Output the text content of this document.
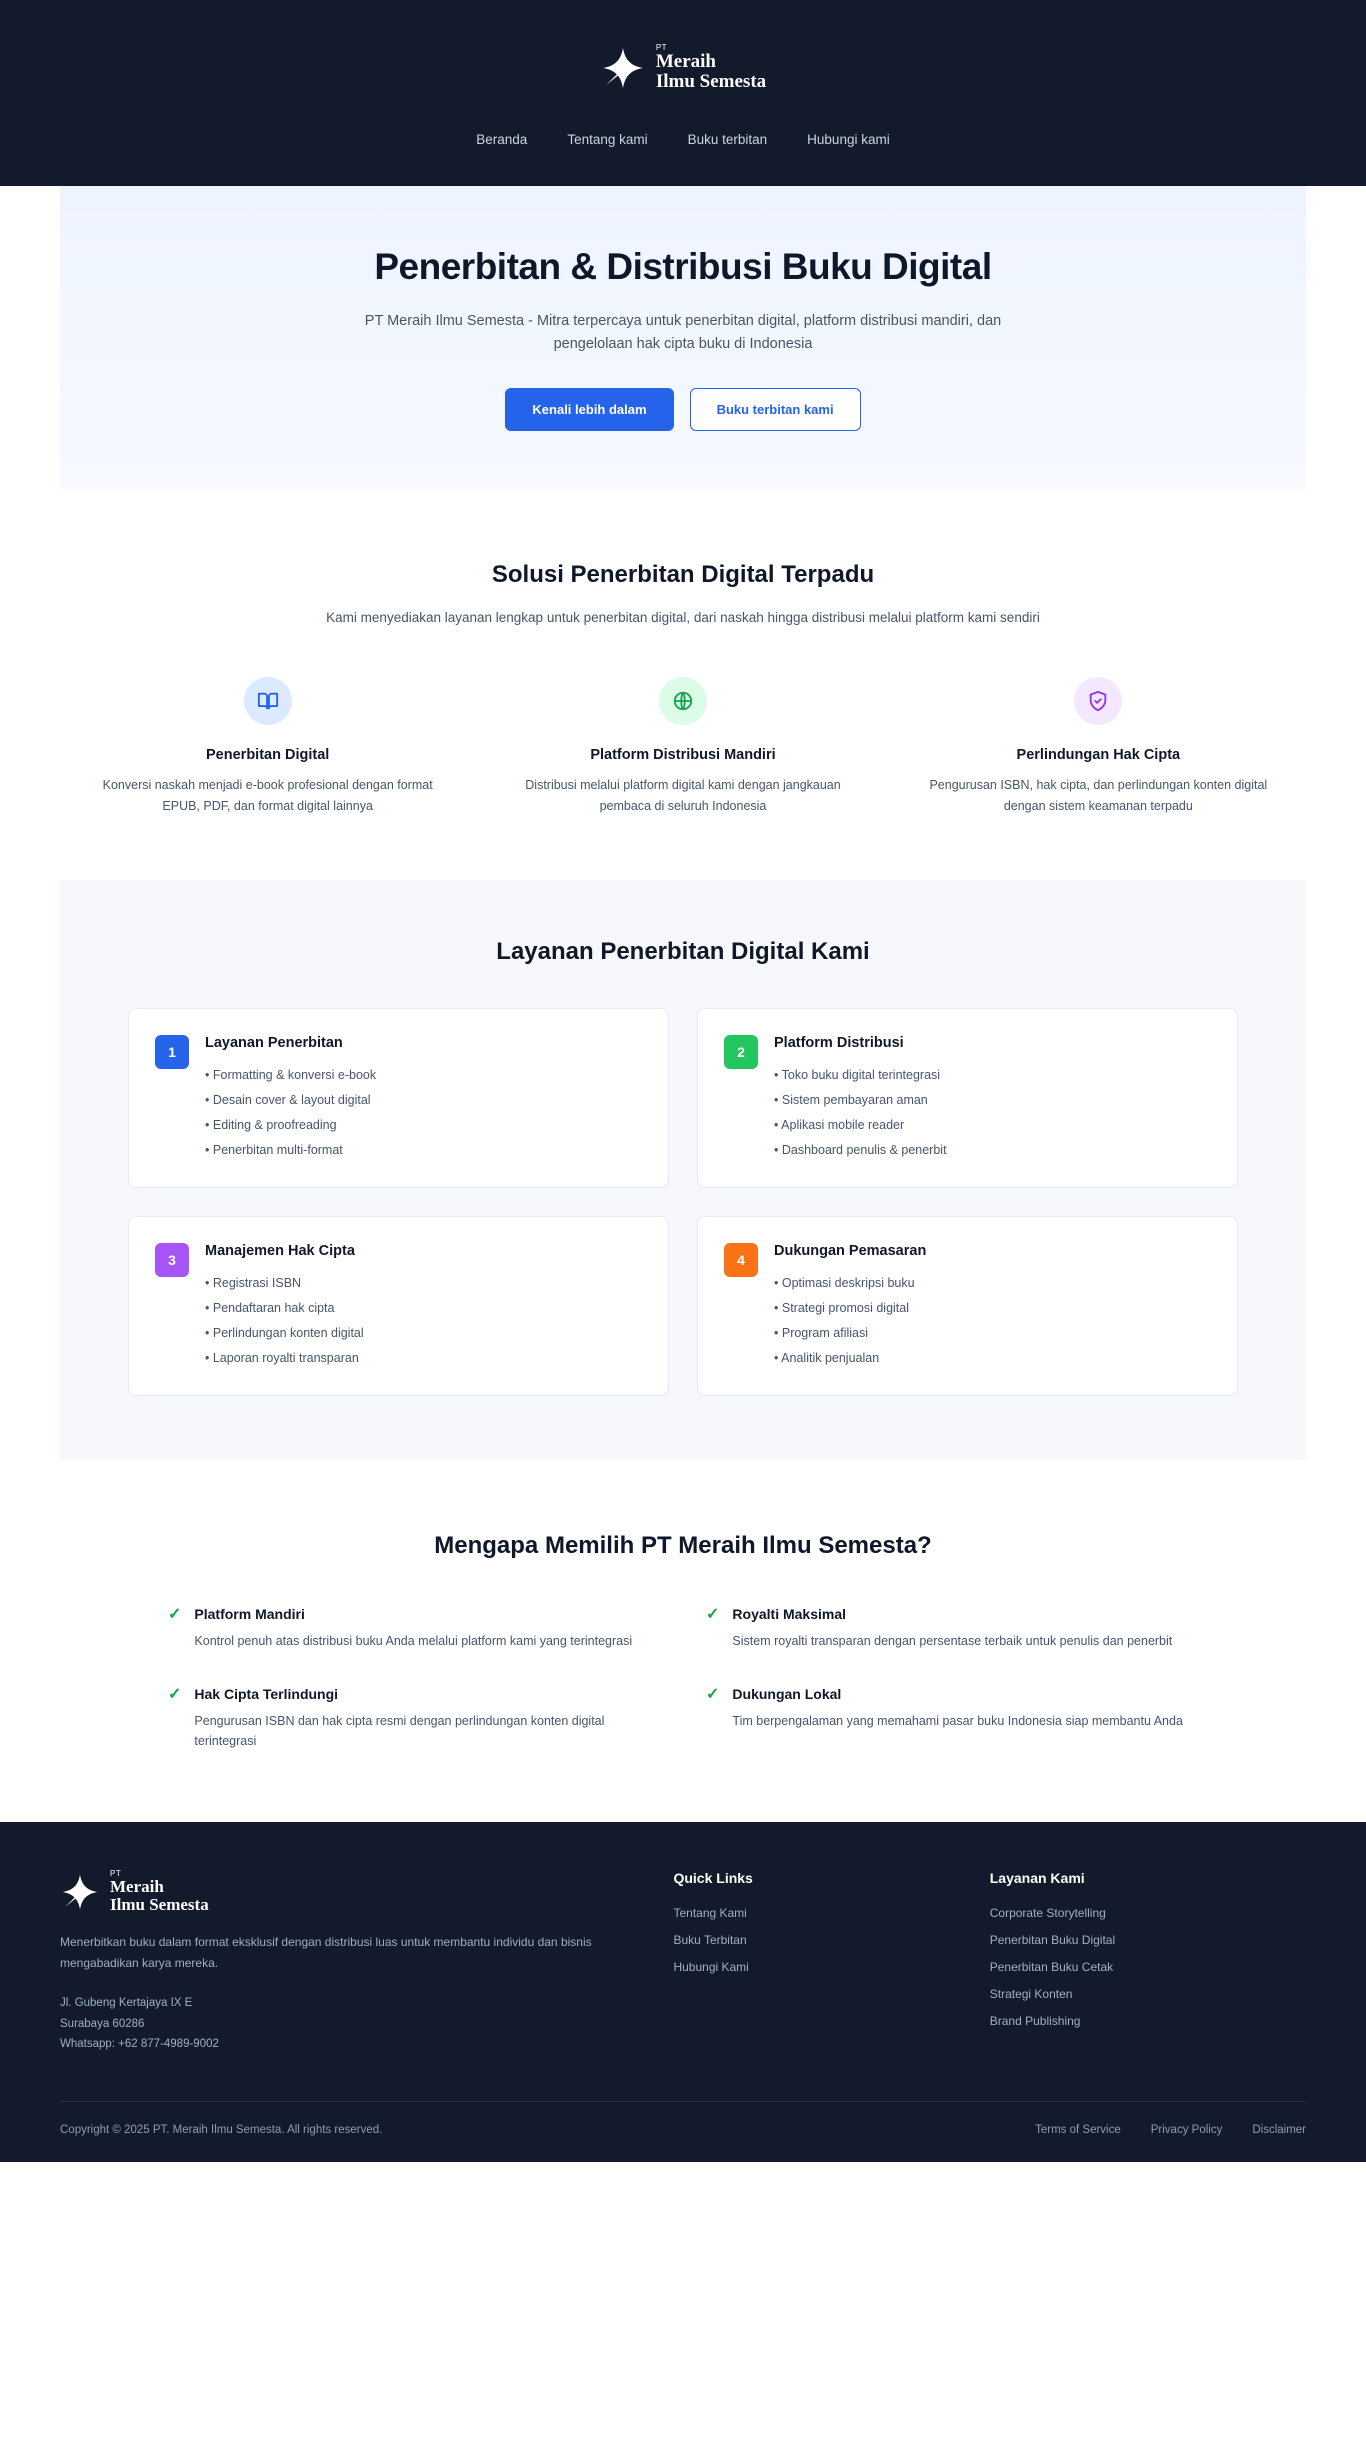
PT
Meraih
Ilmu Semesta
Beranda	Tentang kami	Buku terbitan	Hubungi kami
Penerbitan & Distribusi Buku Digital

PT Meraih Ilmu Semesta - Mitra terpercaya untuk penerbitan digital, platform distribusi mandiri, dan pengelolaan hak cipta buku di Indonesia

Kenali lebih dalam	Buku terbitan kami
Solusi Penerbitan Digital Terpadu

Kami menyediakan layanan lengkap untuk penerbitan digital, dari naskah hingga distribusi melalui platform kami sendiri

Penerbitan Digital

Konversi naskah menjadi e-book profesional dengan format EPUB, PDF, dan format digital lainnya

Platform Distribusi Mandiri

Distribusi melalui platform digital kami dengan jangkauan pembaca di seluruh Indonesia

Perlindungan Hak Cipta

Pengurusan ISBN, hak cipta, dan perlindungan konten digital dengan sistem keamanan terpadu

Layanan Penerbitan Digital Kami
1
Layanan Penerbitan
• Formatting & konversi e-book
• Desain cover & layout digital
• Editing & proofreading
• Penerbitan multi-format
2
Platform Distribusi
• Toko buku digital terintegrasi
• Sistem pembayaran aman
• Aplikasi mobile reader
• Dashboard penulis & penerbit
3
Manajemen Hak Cipta
• Registrasi ISBN
• Pendaftaran hak cipta
• Perlindungan konten digital
• Laporan royalti transparan
4
Dukungan Pemasaran
• Optimasi deskripsi buku
• Strategi promosi digital
• Program afiliasi
• Analitik penjualan
Mengapa Memilih PT Meraih Ilmu Semesta?
✓ Platform Mandiri

Kontrol penuh atas distribusi buku Anda melalui platform kami yang terintegrasi

✓ Royalti Maksimal

Sistem royalti transparan dengan persentase terbaik untuk penulis dan penerbit

✓ Hak Cipta Terlindungi

Pengurusan ISBN dan hak cipta resmi dengan perlindungan konten digital terintegrasi

✓ Dukungan Lokal

Tim berpengalaman yang memahami pasar buku Indonesia siap membantu Anda

PT
Meraih
Ilmu Semesta

Menerbitkan buku dalam format eksklusif dengan distribusi luas untuk membantu individu dan bisnis mengabadikan karya mereka.

Jl. Gubeng Kertajaya IX E
Surabaya 60286
Whatsapp: +62 877-4989-9002
Quick Links
Tentang Kami
Buku Terbitan
Hubungi Kami
Layanan Kami
Corporate Storytelling
Penerbitan Buku Digital
Penerbitan Buku Cetak
Strategi Konten
Brand Publishing
Copyright © 2025 PT. Meraih Ilmu Semesta. All rights reserved.	Terms of Service	Privacy Policy	Disclaimer
